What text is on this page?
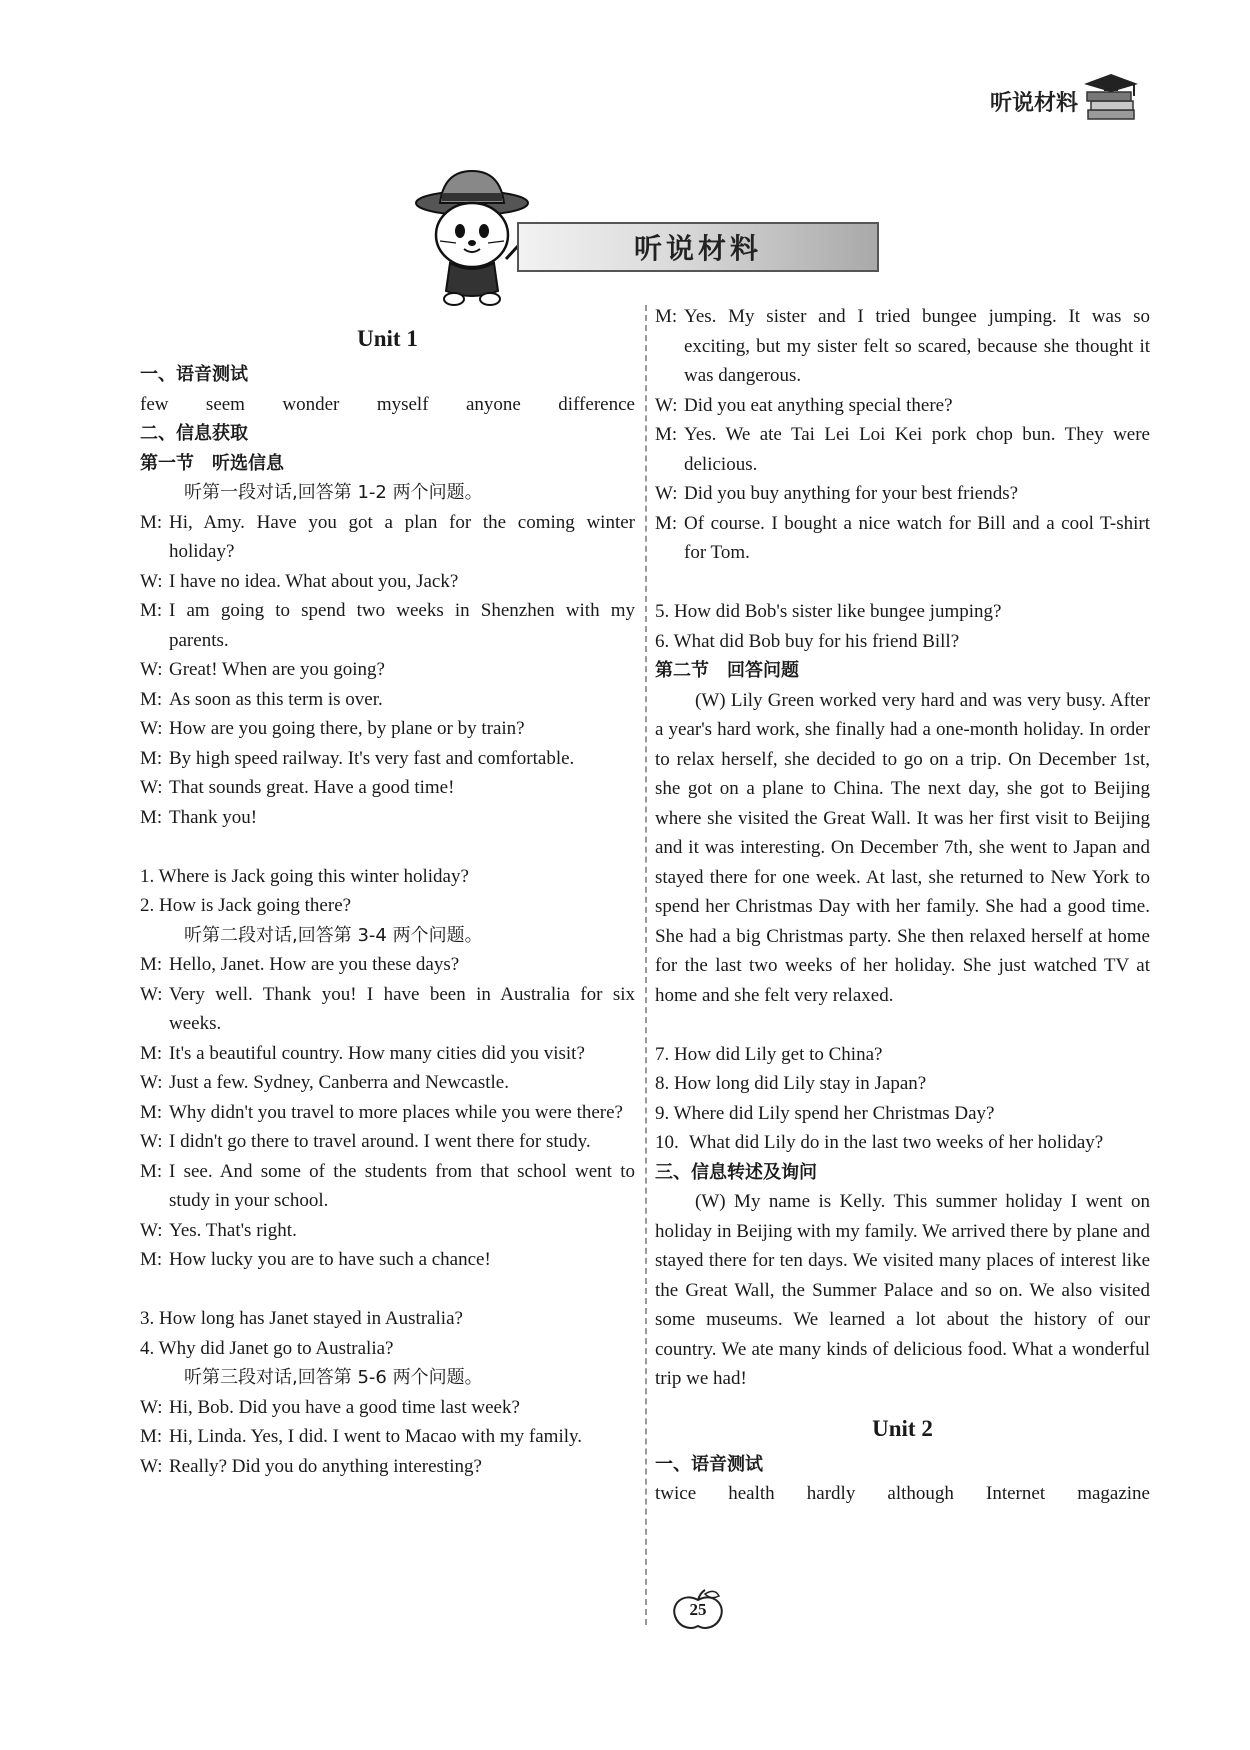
听说材料
听说材料

Unit 1

一、语音测试

few seem wonder myself anyone difference

二、信息获取

第一节　听选信息

听第一段对话,回答第 1-2 两个问题。

M: Hi, Amy. Have you got a plan for the coming winter holiday?
W: I have no idea. What about you, Jack?
M: I am going to spend two weeks in Shenzhen with my parents.
W: Great! When are you going?
M: As soon as this term is over.
W: How are you going there, by plane or by train?
M: By high speed railway. It's very fast and comfortable.
W: That sounds great. Have a good time!
M: Thank you!

1. Where is Jack going this winter holiday?

2. How is Jack going there?

听第二段对话,回答第 3-4 两个问题。

M: Hello, Janet. How are you these days?
W: Very well. Thank you! I have been in Australia for six weeks.
M: It's a beautiful country. How many cities did you visit?
W: Just a few. Sydney, Canberra and Newcastle.
M: Why didn't you travel to more places while you were there?
W: I didn't go there to travel around. I went there for study.
M: I see. And some of the students from that school went to study in your school.
W: Yes. That's right.
M: How lucky you are to have such a chance!

3. How long has Janet stayed in Australia?

4. Why did Janet go to Australia?

听第三段对话,回答第 5-6 两个问题。

W: Hi, Bob. Did you have a good time last week?
M: Hi, Linda. Yes, I did. I went to Macao with my family.
W: Really? Did you do anything interesting?
M: Yes. My sister and I tried bungee jumping. It was so exciting, but my sister felt so scared, because she thought it was dangerous.
W: Did you eat anything special there?
M: Yes. We ate Tai Lei Loi Kei pork chop bun. They were delicious.
W: Did you buy anything for your best friends?
M: Of course. I bought a nice watch for Bill and a cool T-shirt for Tom.

5. How did Bob's sister like bungee jumping?

6. What did Bob buy for his friend Bill?

第二节　回答问题

(W) Lily Green worked very hard and was very busy. After a year's hard work, she finally had a one-month holiday. In order to relax herself, she decided to go on a trip. On December 1st, she got on a plane to China. The next day, she got to Beijing where she visited the Great Wall. It was her first visit to Beijing and it was interesting. On December 7th, she went to Japan and stayed there for one week. At last, she returned to New York to spend her Christmas Day with her family. She had a good time. She had a big Christmas party. She then relaxed herself at home for the last two weeks of her holiday. She just watched TV at home and she felt very relaxed.

7. How did Lily get to China?

8. How long did Lily stay in Japan?

9. Where did Lily spend her Christmas Day?

10. What did Lily do in the last two weeks of her holiday?

三、信息转述及询问

(W) My name is Kelly. This summer holiday I went on holiday in Beijing with my family. We arrived there by plane and stayed there for ten days. We visited many places of interest like the Great Wall, the Summer Palace and so on. We also visited some museums. We learned a lot about the history of our country. We ate many kinds of delicious food. What a wonderful trip we had!

Unit 2

一、语音测试

twice health hardly although Internet magazine
25
